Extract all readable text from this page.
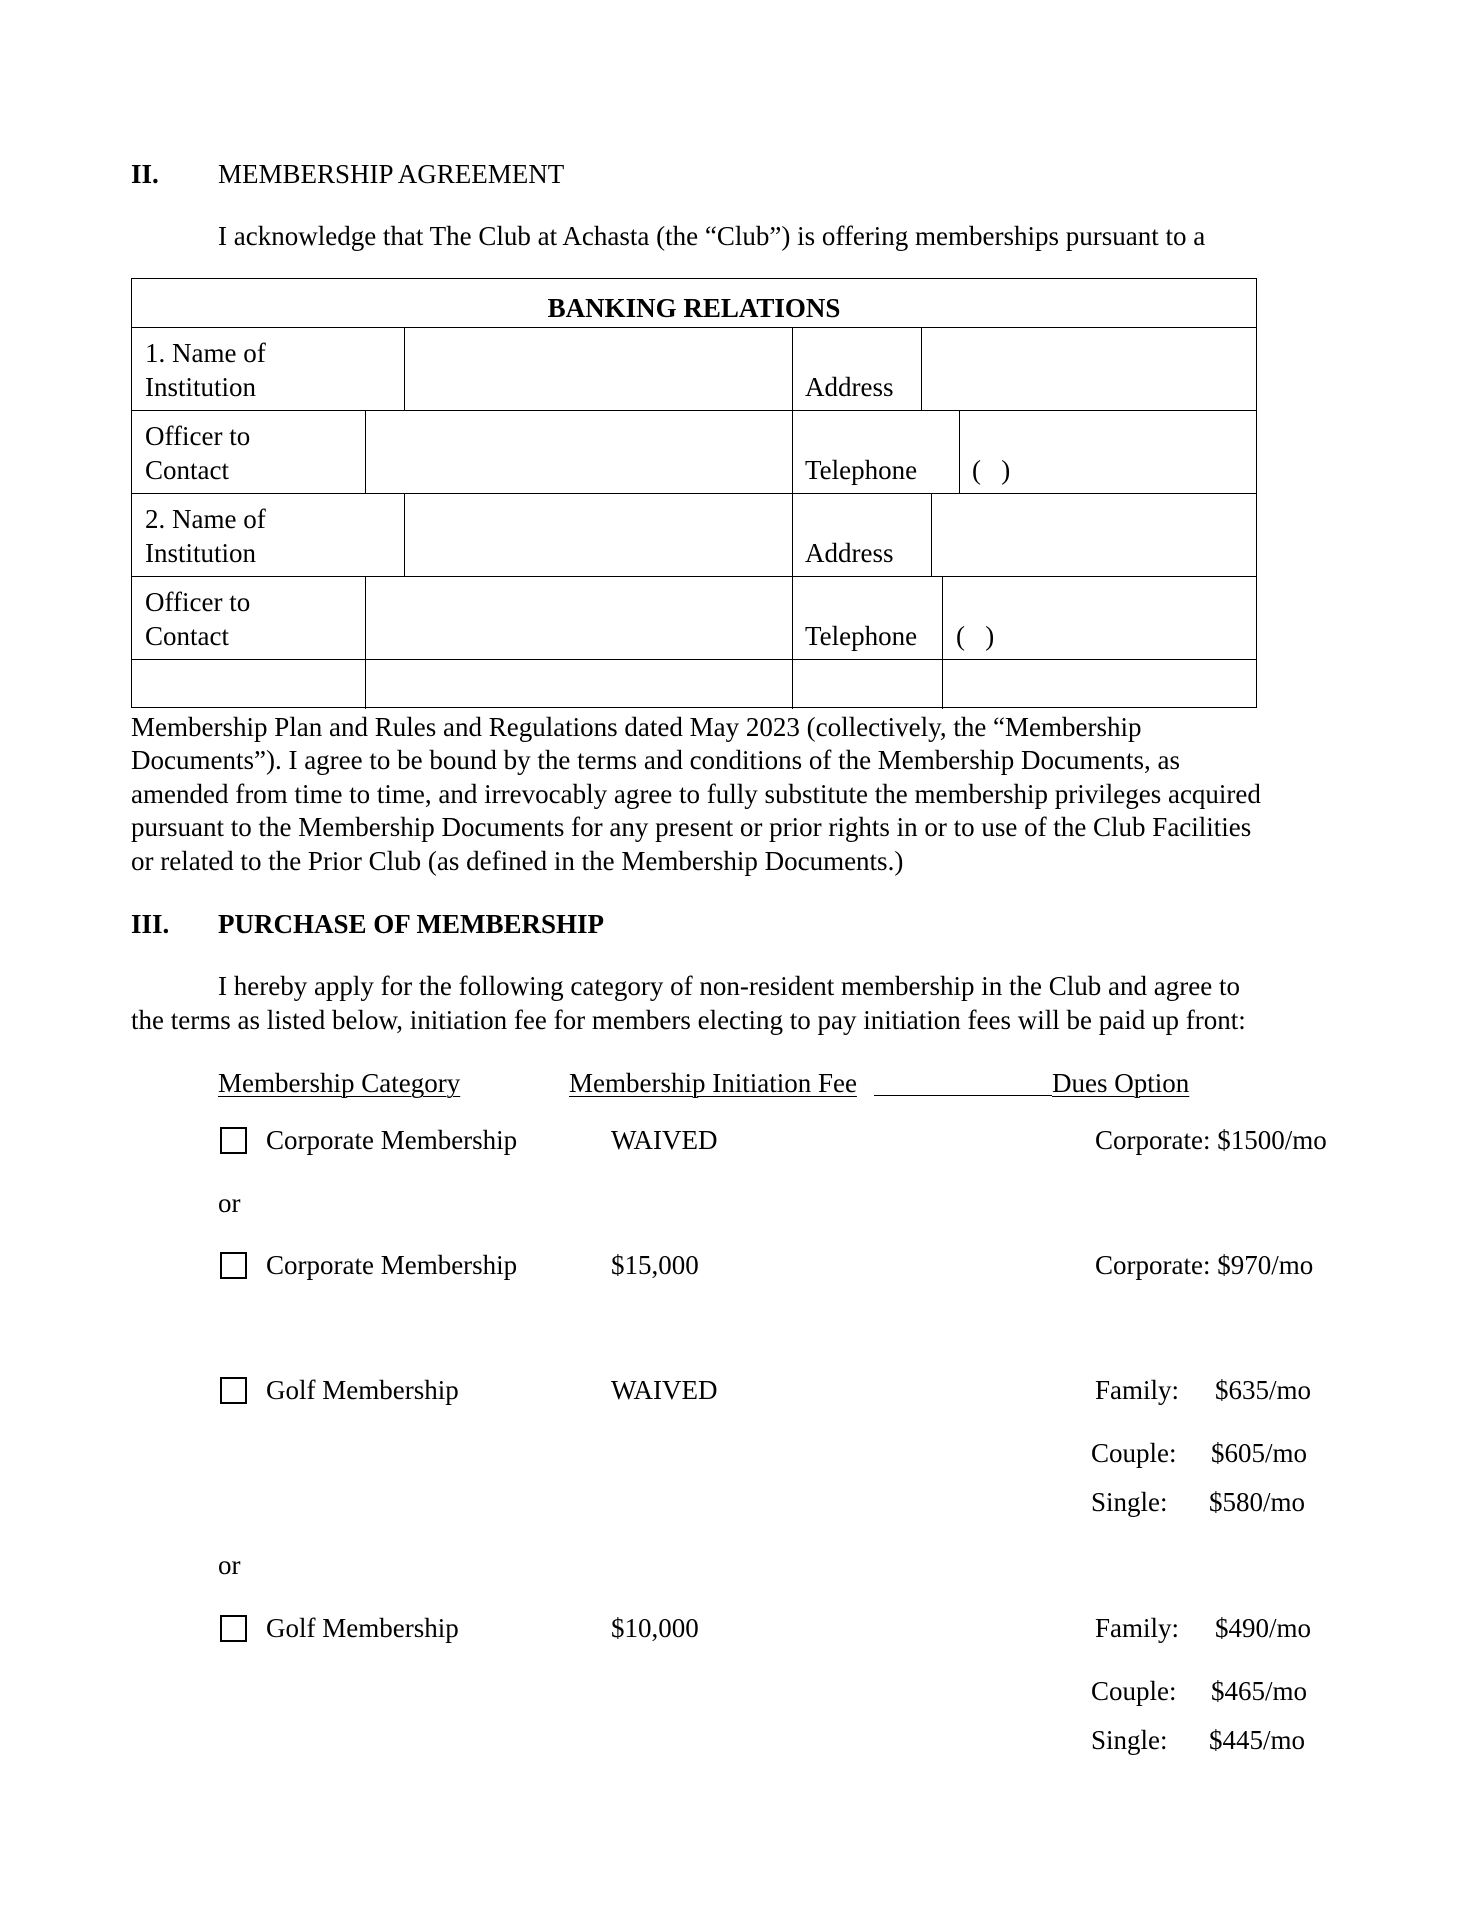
II. MEMBERSHIP AGREEMENT
I acknowledge that The Club at Achasta (the “Club”) is offering memberships pursuant to a
BANKING RELATIONS
1. Name of
Institution	Address
Officer to
Contact	Telephone (   )
2. Name of
Institution	Address
Officer to
Contact	Telephone (   )
Membership Plan and Rules and Regulations dated May 2023 (collectively, the “Membership
Documents”). I agree to be bound by the terms and conditions of the Membership Documents, as
amended from time to time, and irrevocably agree to fully substitute the membership privileges acquired
pursuant to the Membership Documents for any present or prior rights in or to use of the Club Facilities
or related to the Prior Club (as defined in the Membership Documents.)
III. PURCHASE OF MEMBERSHIP
I hereby apply for the following category of non-resident membership in the Club and agree to
the terms as listed below, initiation fee for members electing to pay initiation fees will be paid up front:
Membership Category	Membership Initiation Fee	Dues Option
Corporate Membership	WAIVED	Corporate: $1500/mo
or
Corporate Membership	$15,000	Corporate: $970/mo
Golf Membership	WAIVED	Family: $635/mo
Couple: $605/mo
Single: $580/mo
or
Golf Membership	$10,000	Family: $490/mo
Couple: $465/mo
Single: $445/mo
